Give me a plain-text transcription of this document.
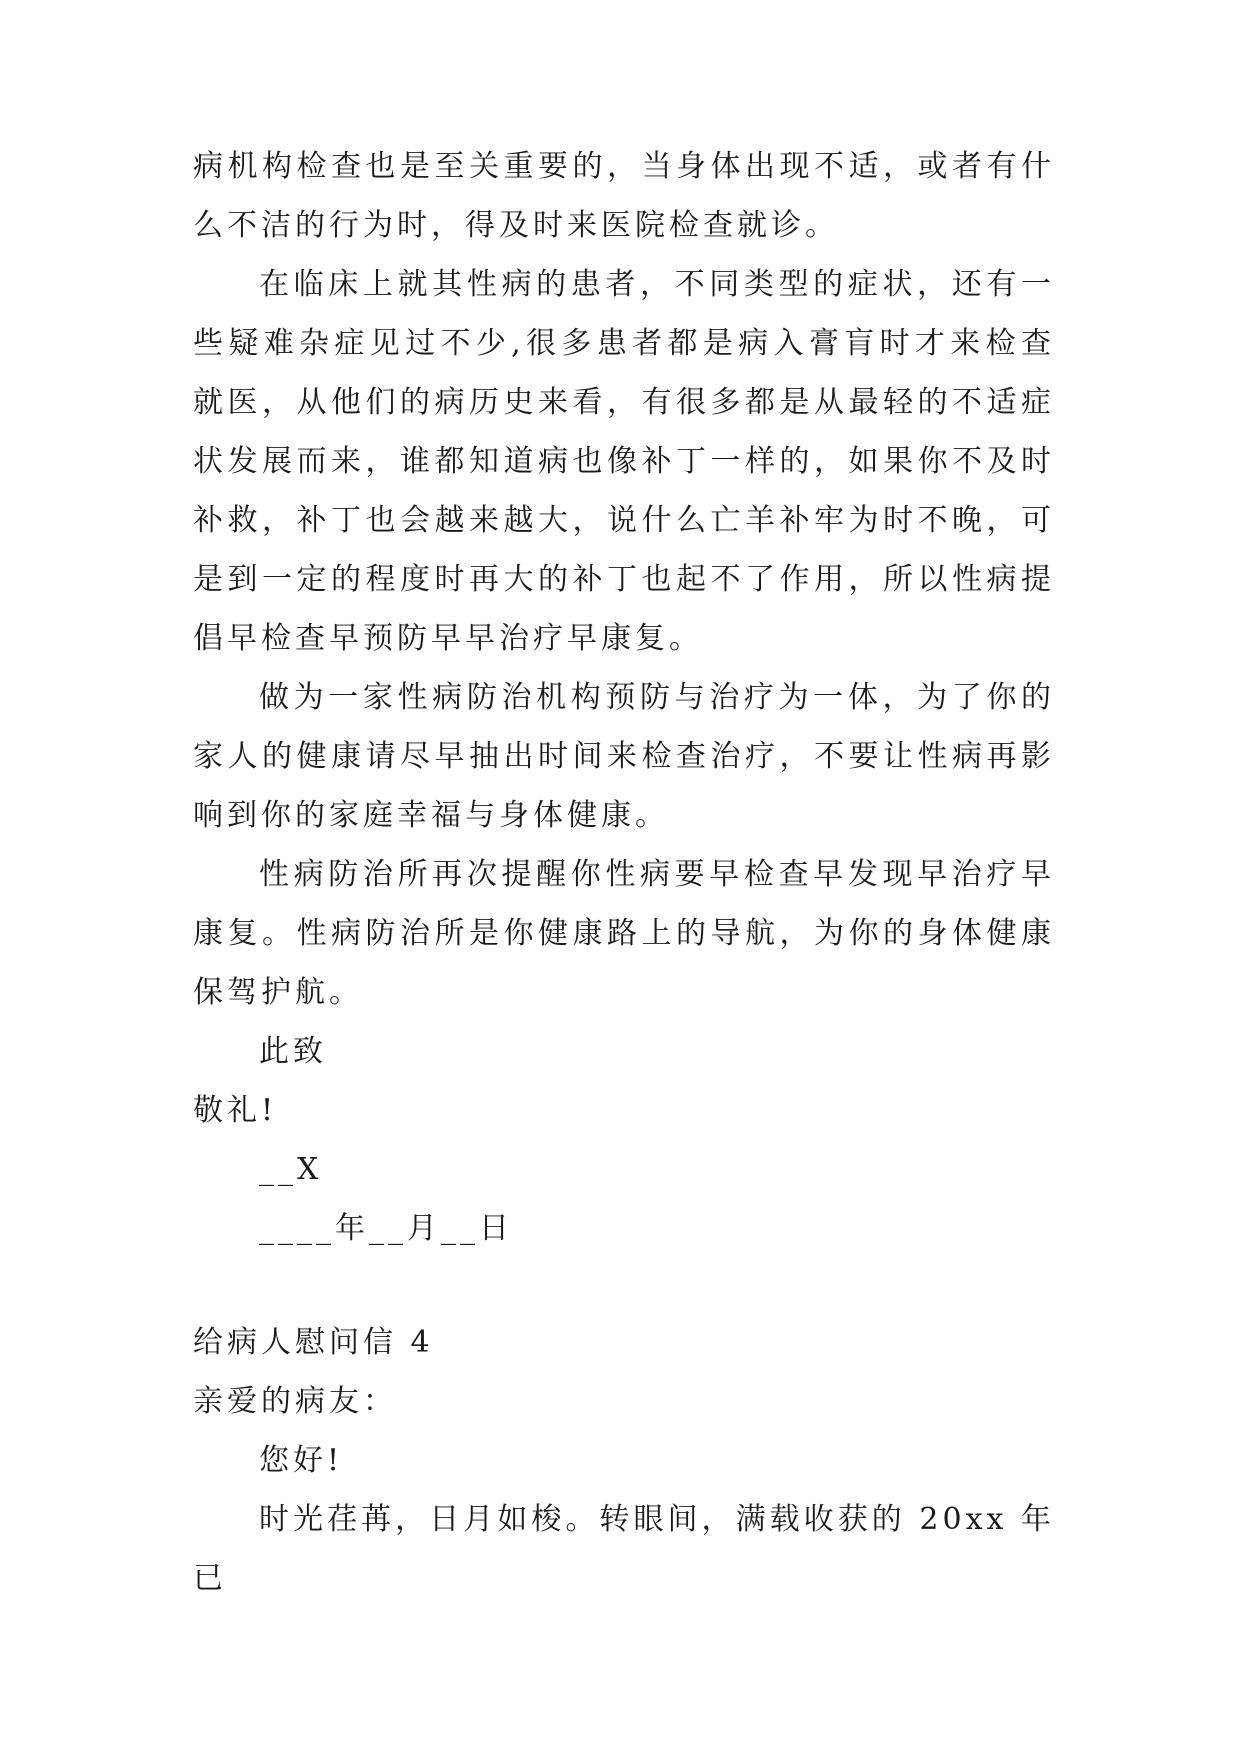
病机构检查也是至关重要的，当身体出现不适，或者有什么不洁的行为时，得及时来医院检查就诊。

在临床上就其性病的患者，不同类型的症状，还有一些疑难杂症见过不少,很多患者都是病入膏肓时才来检查就医，从他们的病历史来看，有很多都是从最轻的不适症状发展而来，谁都知道病也像补丁一样的，如果你不及时补救，补丁也会越来越大，说什么亡羊补牢为时不晚，可是到一定的程度时再大的补丁也起不了作用，所以性病提倡早检查早预防早早治疗早康复。

做为一家性病防治机构预防与治疗为一体，为了你的家人的健康请尽早抽出时间来检查治疗，不要让性病再影响到你的家庭幸福与身体健康。

性病防治所再次提醒你性病要早检查早发现早治疗早康复。性病防治所是你健康路上的导航，为你的身体健康保驾护航。

此致

敬礼!

__X

____年__月__日

给病人慰问信 4

亲爱的病友：

您好!

时光荏苒，日月如梭。转眼间，满载收获的 20xx 年已
